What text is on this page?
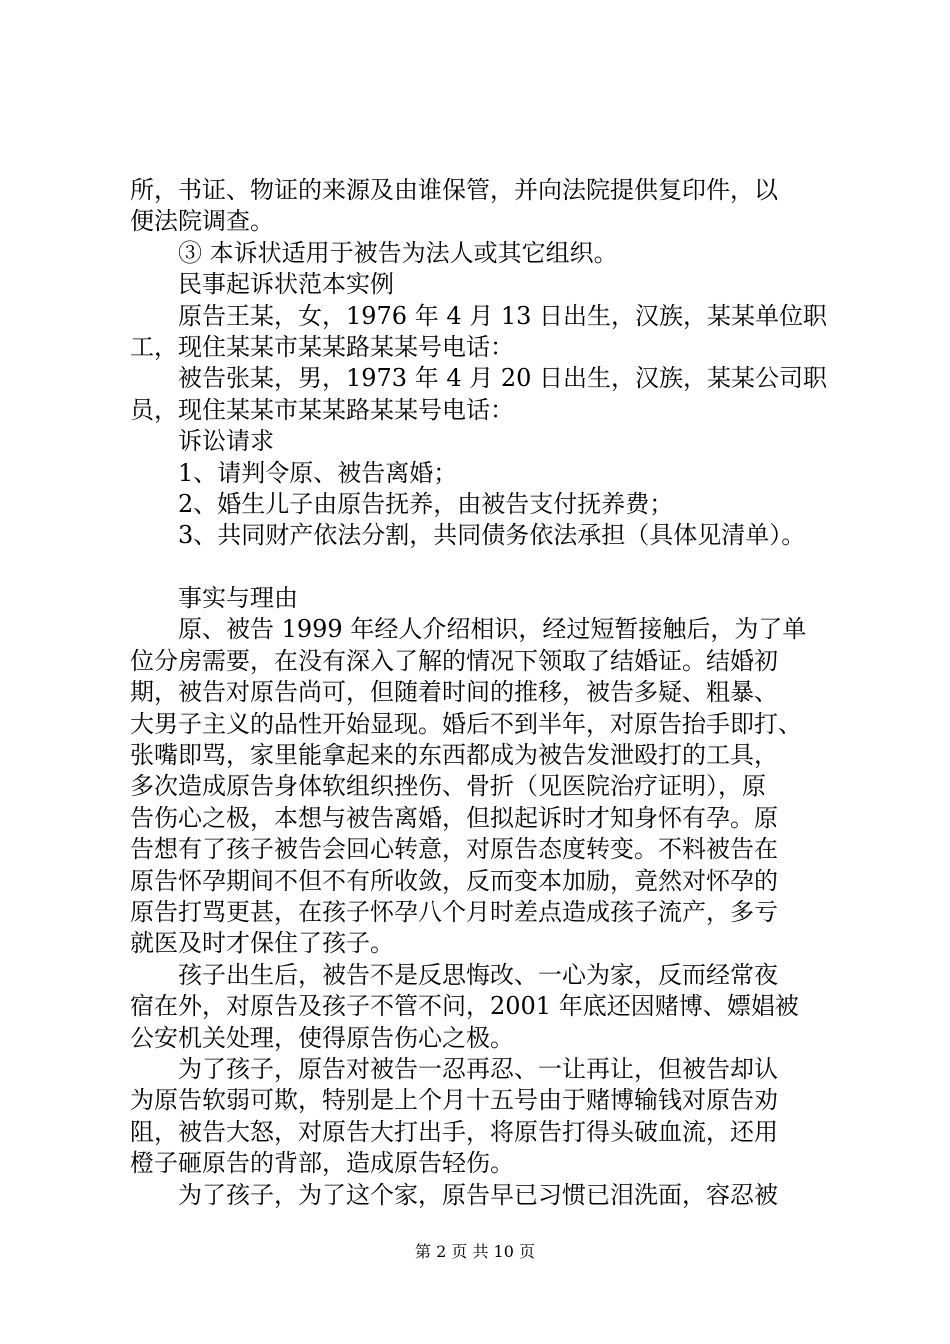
所，书证、物证的来源及由谁保管，并向法院提供复印件，以

便法院调查。

③ 本诉状适用于被告为法人或其它组织。

民事起诉状范本实例

原告王某，女，1976 年 4 月 13 日出生，汉族，某某单位职

工，现住某某市某某路某某号电话：

被告张某，男，1973 年 4 月 20 日出生，汉族，某某公司职

员，现住某某市某某路某某号电话：

诉讼请求

1、请判令原、被告离婚；

2、婚生儿子由原告抚养，由被告支付抚养费；

3、共同财产依法分割，共同债务依法承担（具体见清单）。

事实与理由

原、被告 1999 年经人介绍相识，经过短暂接触后，为了单

位分房需要，在没有深入了解的情况下领取了结婚证。结婚初

期，被告对原告尚可，但随着时间的推移，被告多疑、粗暴、

大男子主义的品性开始显现。婚后不到半年，对原告抬手即打、

张嘴即骂，家里能拿起来的东西都成为被告发泄殴打的工具，

多次造成原告身体软组织挫伤、骨折（见医院治疗证明），原

告伤心之极，本想与被告离婚，但拟起诉时才知身怀有孕。原

告想有了孩子被告会回心转意，对原告态度转变。不料被告在

原告怀孕期间不但不有所收敛，反而变本加励，竟然对怀孕的

原告打骂更甚，在孩子怀孕八个月时差点造成孩子流产，多亏

就医及时才保住了孩子。

孩子出生后，被告不是反思悔改、一心为家，反而经常夜

宿在外，对原告及孩子不管不问，2001 年底还因赌博、嫖娼被

公安机关处理，使得原告伤心之极。

为了孩子，原告对被告一忍再忍、一让再让，但被告却认

为原告软弱可欺，特别是上个月十五号由于赌博输钱对原告劝

阻，被告大怒，对原告大打出手，将原告打得头破血流，还用

橙子砸原告的背部，造成原告轻伤。

为了孩子，为了这个家，原告早已习惯已泪洗面，容忍被

第 2 页 共 10 页
